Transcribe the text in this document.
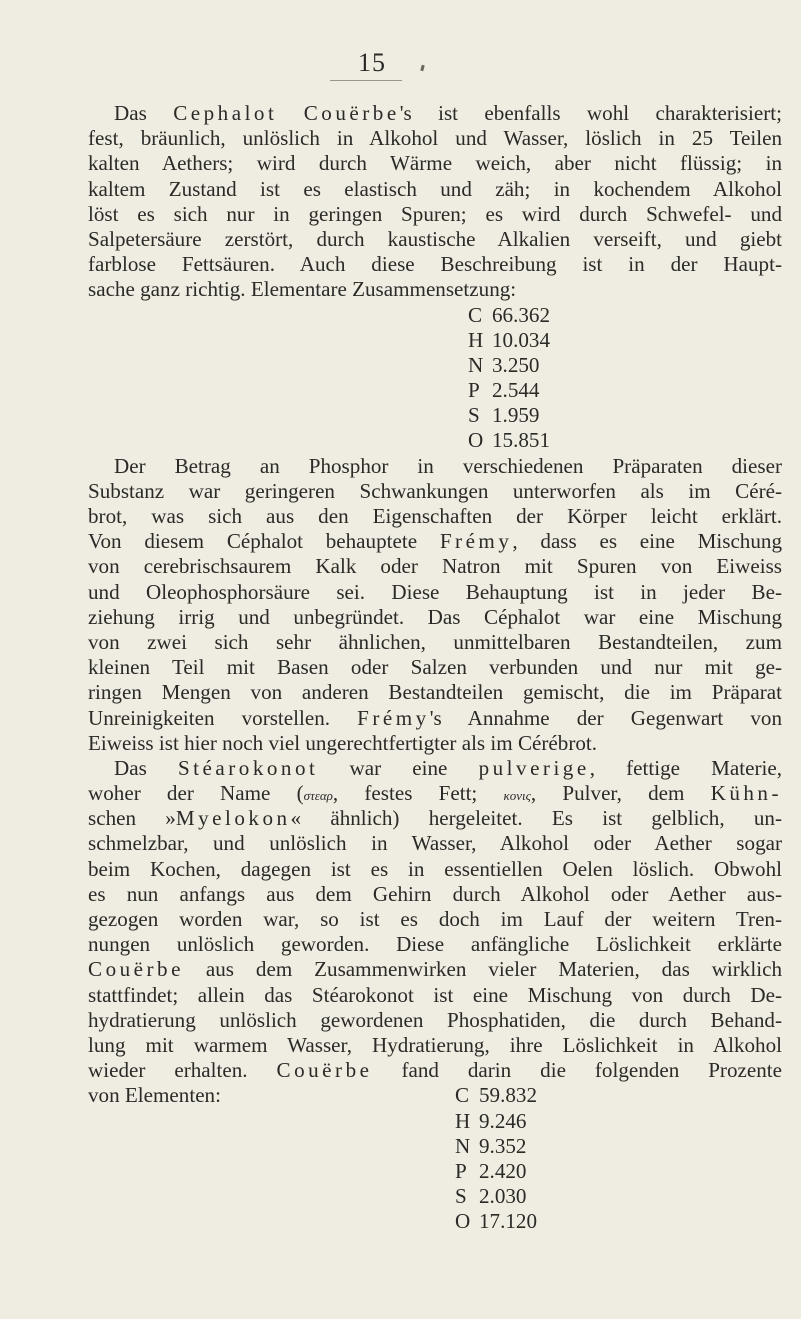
15
Das Cephalot Couërbe's ist ebenfalls wohl charakterisiert;
fest, bräunlich, unlöslich in Alkohol und Wasser, löslich in 25 Teilen
kalten Aethers; wird durch Wärme weich, aber nicht flüssig; in
kaltem Zustand ist es elastisch und zäh; in kochendem Alkohol
löst es sich nur in geringen Spuren; es wird durch Schwefel- und
Salpetersäure zerstört, durch kaustische Alkalien verseift, und giebt
farblose Fettsäuren. Auch diese Beschreibung ist in der Haupt-
sache ganz richtig. Elementare Zusammensetzung:
C 66.362
H 10.034
N 3.250
P 2.544
S 1.959
O 15.851
Der Betrag an Phosphor in verschiedenen Präparaten dieser
Substanz war geringeren Schwankungen unterworfen als im Céré-
brot, was sich aus den Eigenschaften der Körper leicht erklärt.
Von diesem Céphalot behauptete Frémy, dass es eine Mischung
von cerebrischsaurem Kalk oder Natron mit Spuren von Eiweiss
und Oleophosphorsäure sei. Diese Behauptung ist in jeder Be-
ziehung irrig und unbegründet. Das Céphalot war eine Mischung
von zwei sich sehr ähnlichen, unmittelbaren Bestandteilen, zum
kleinen Teil mit Basen oder Salzen verbunden und nur mit ge-
ringen Mengen von anderen Bestandteilen gemischt, die im Präparat
Unreinigkeiten vorstellen. Frémy's Annahme der Gegenwart von
Eiweiss ist hier noch viel ungerechtfertigter als im Cérébrot.
Das Stéarokonot war eine pulverige, fettige Materie,
woher der Name (στεαρ, festes Fett; κονις, Pulver, dem Kühn-
schen »Myelokon« ähnlich) hergeleitet. Es ist gelblich, un-
schmelzbar, und unlöslich in Wasser, Alkohol oder Aether sogar
beim Kochen, dagegen ist es in essentiellen Oelen löslich. Obwohl
es nun anfangs aus dem Gehirn durch Alkohol oder Aether aus-
gezogen worden war, so ist es doch im Lauf der weitern Tren-
nungen unlöslich geworden. Diese anfängliche Löslichkeit erklärte
Couërbe aus dem Zusammenwirken vieler Materien, das wirklich
stattfindet; allein das Stéarokonot ist eine Mischung von durch De-
hydratierung unlöslich gewordenen Phosphatiden, die durch Behand-
lung mit warmem Wasser, Hydratierung, ihre Löslichkeit in Alkohol
wieder erhalten. Couërbe fand darin die folgenden Prozente
von Elementen:	C 59.832
H 9.246
N 9.352
P 2.420
S 2.030
O 17.120
